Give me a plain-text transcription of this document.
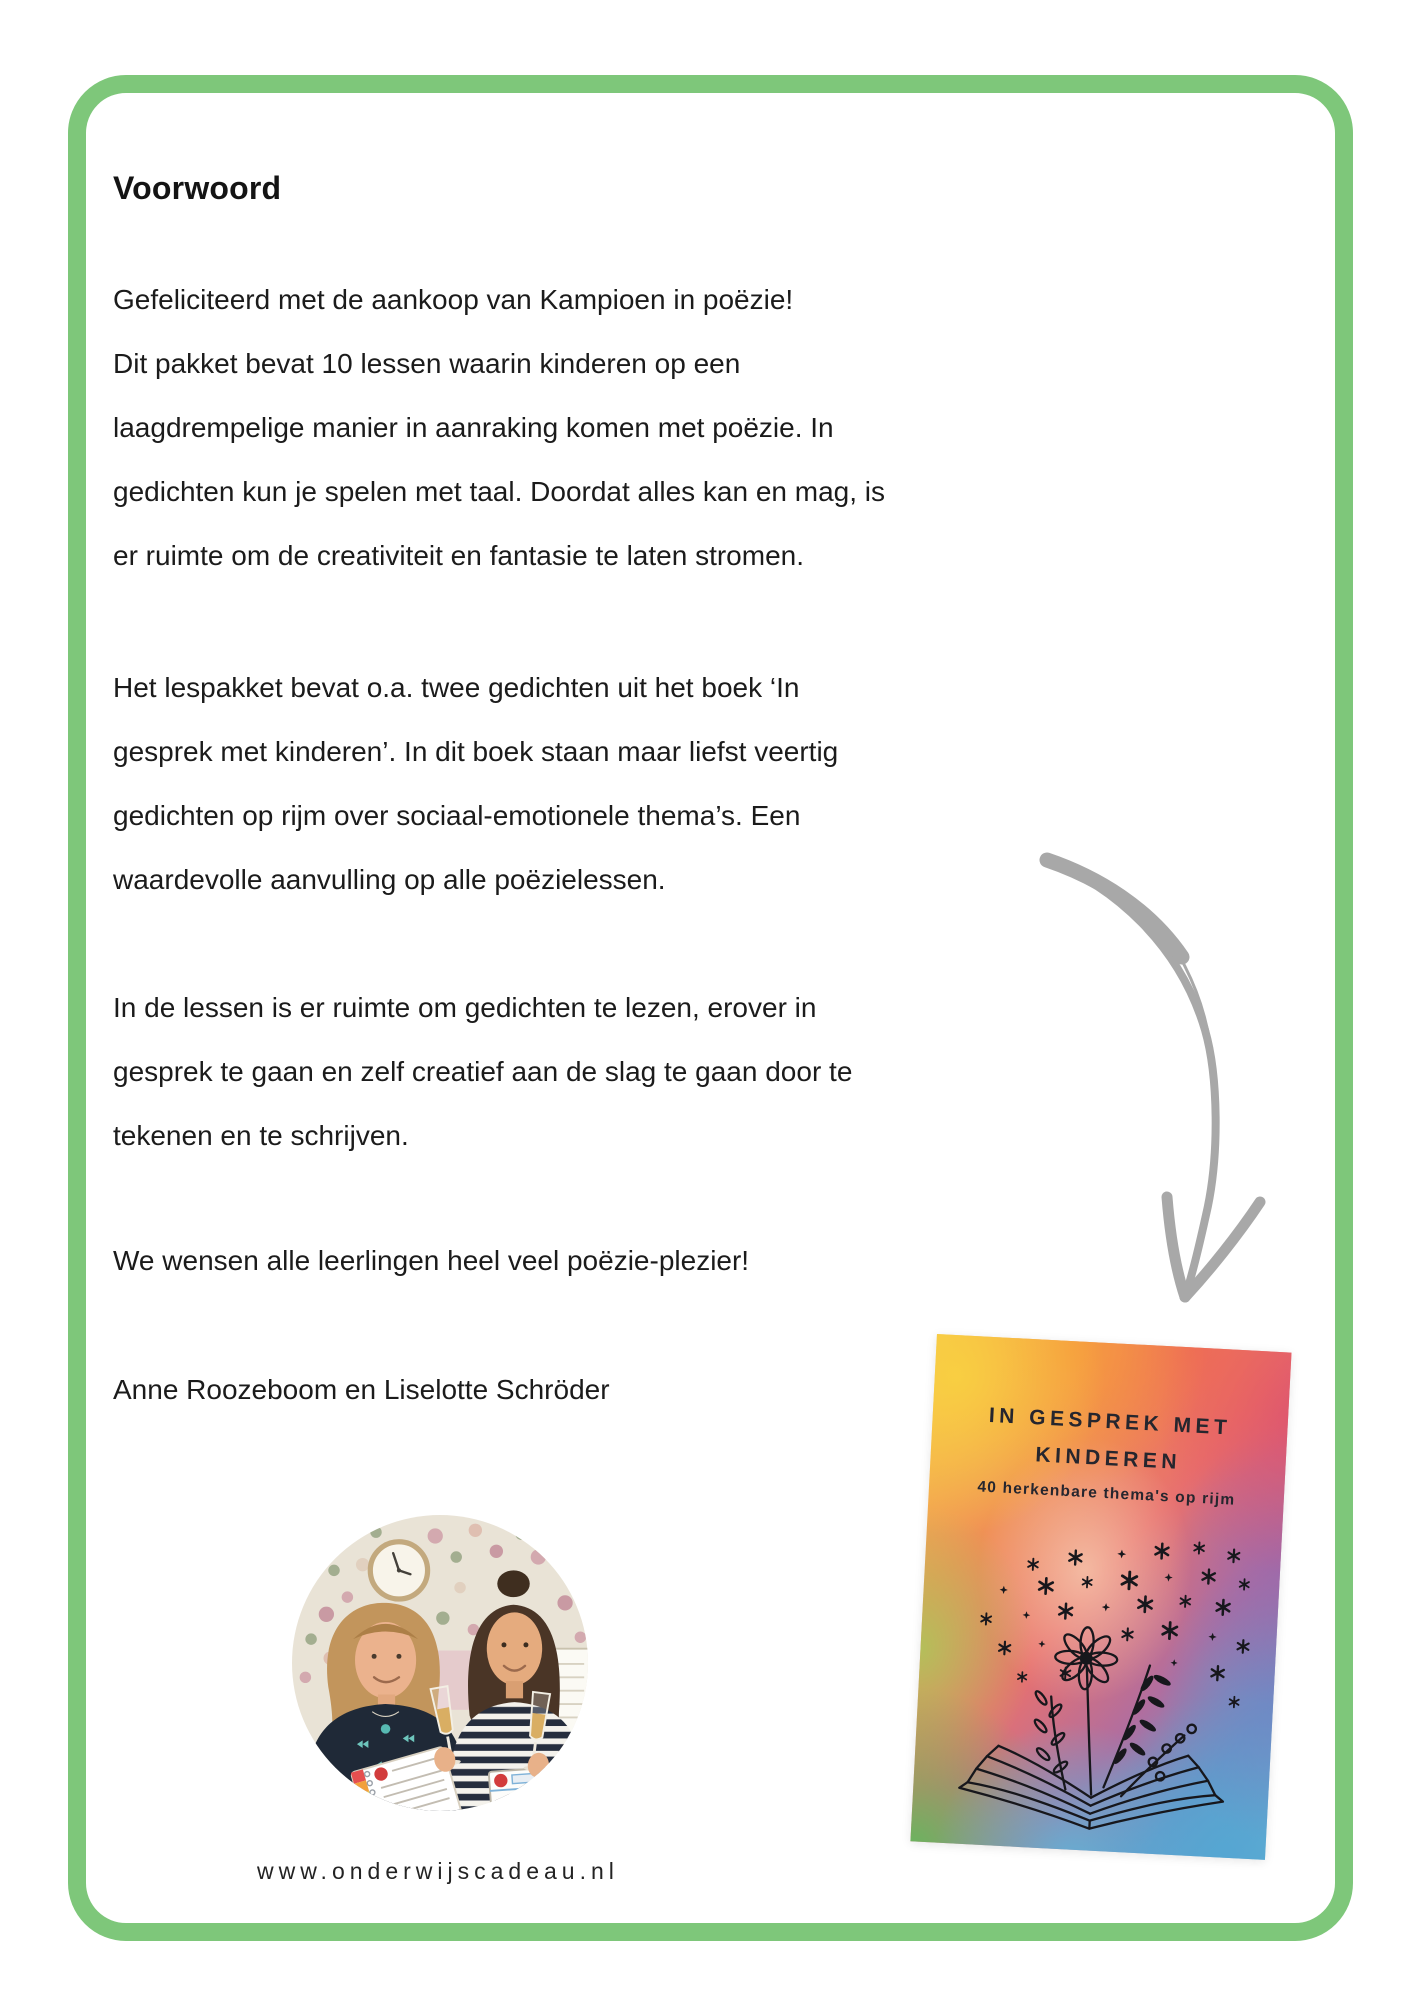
Voorwoord
Gefeliciteerd met de aankoop van Kampioen in poëzie!
Dit pakket bevat 10 lessen waarin kinderen op een
laagdrempelige manier in aanraking komen met poëzie. In
gedichten kun je spelen met taal. Doordat alles kan en mag, is
er ruimte om de creativiteit en fantasie te laten stromen.
Het lespakket bevat o.a. twee gedichten uit het boek ‘In
gesprek met kinderen’. In dit boek staan maar liefst veertig
gedichten op rijm over sociaal-emotionele thema’s. Een
waardevolle aanvulling op alle poëzielessen.
In de lessen is er ruimte om gedichten te lezen, erover in
gesprek te gaan en zelf creatief aan de slag te gaan door te
tekenen en te schrijven.
We wensen alle leerlingen heel veel poëzie-plezier!
Anne Roozeboom en Liselotte Schröder
IN GESPREK MET
KINDEREN
40 herkenbare thema's op rijm
www.onderwijscadeau.nl
